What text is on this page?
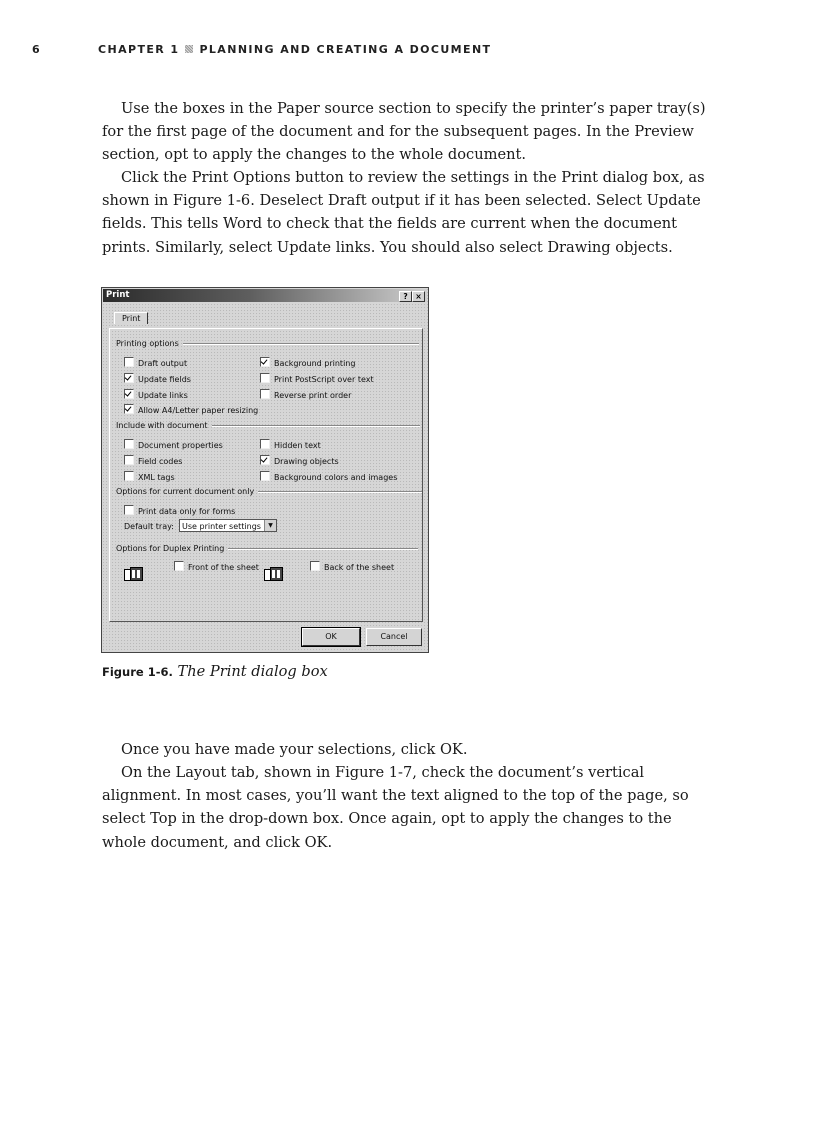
6	CHAPTER 1 PLANNING AND CREATING A DOCUMENT

Use the boxes in the Paper source section to specify the printer’s paper tray(s) for the first page of the document and for the subsequent pages. In the Preview section, opt to apply the changes to the whole document.

Click the Print Options button to review the settings in the Print dialog box, as shown in Figure 1-6. Deselect Draft output if it has been selected. Select Update fields. This tells Word to check that the fields are current when the document prints. Similarly, select Update links. You should also select Drawing objects.

Print	?	×
Print
Printing options
Draft output
Update fields
Update links
Allow A4/Letter paper resizing
Background printing
Print PostScript over text
Reverse print order
Include with document
Document properties
Field codes
XML tags
Hidden text
Drawing objects
Background colors and images
Options for current document only
Print data only for forms
Default tray:	Use printer settings	▼
Options for Duplex Printing
Front of the sheet	Back of the sheet
OK	Cancel
Figure 1-6. The Print dialog box

Once you have made your selections, click OK.

On the Layout tab, shown in Figure 1-7, check the document’s vertical alignment. In most cases, you’ll want the text aligned to the top of the page, so select Top in the drop-down box. Once again, opt to apply the changes to the whole document, and click OK.
